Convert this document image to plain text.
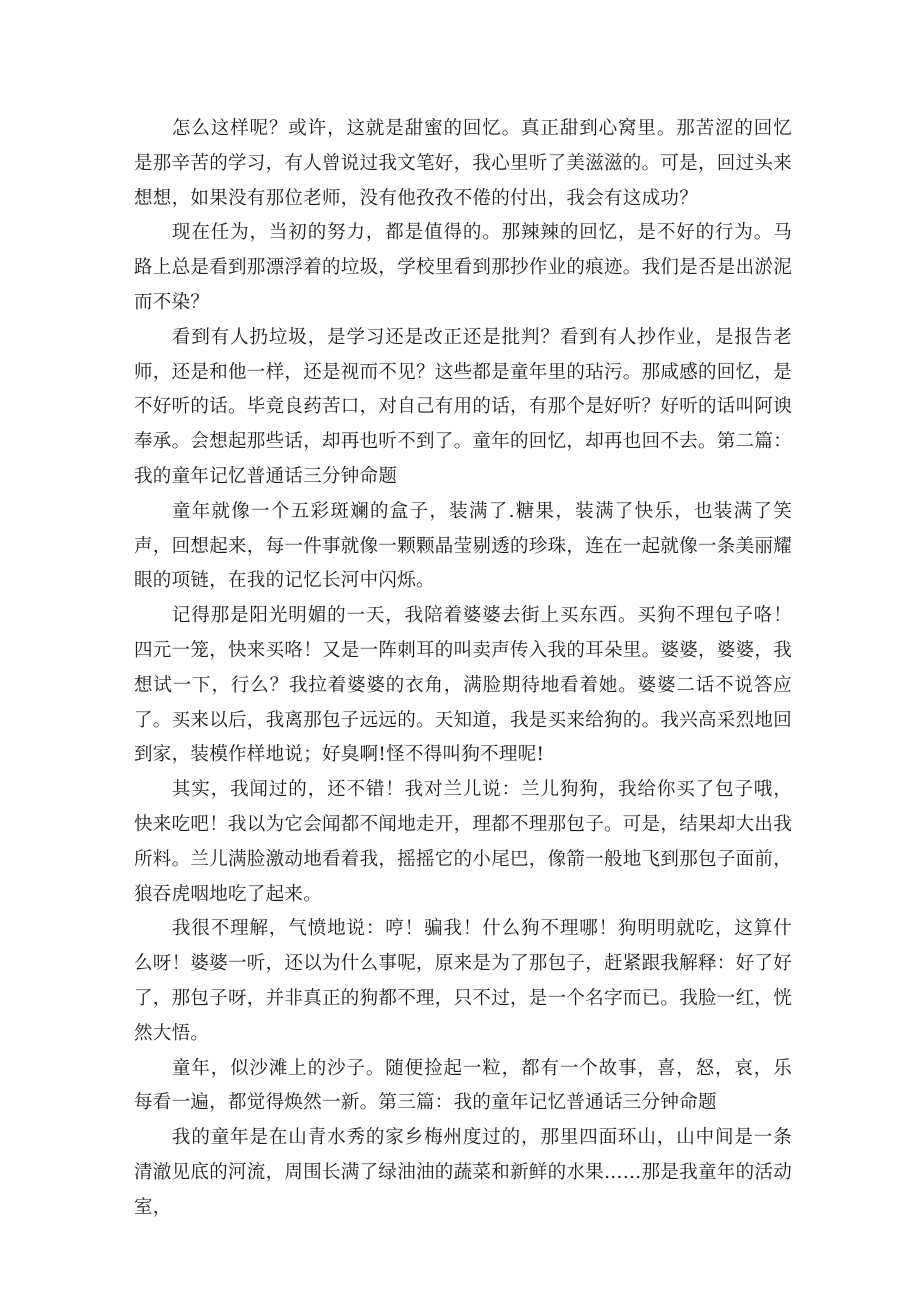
怎么这样呢？或许，这就是甜蜜的回忆。真正甜到心窝里。那苦涩的回忆是那辛苦的学习，有人曾说过我文笔好，我心里听了美滋滋的。可是，回过头来想想，如果没有那位老师，没有他孜孜不倦的付出，我会有这成功？

现在任为，当初的努力，都是值得的。那辣辣的回忆，是不好的行为。马路上总是看到那漂浮着的垃圾，学校里看到那抄作业的痕迹。我们是否是出淤泥而不染？

看到有人扔垃圾，是学习还是改正还是批判？看到有人抄作业，是报告老师，还是和他一样，还是视而不见？这些都是童年里的玷污。那咸感的回忆，是不好听的话。毕竟良药苦口，对自己有用的话，有那个是好听？好听的话叫阿谀奉承。会想起那些话，却再也听不到了。童年的回忆，却再也回不去。第二篇：我的童年记忆普通话三分钟命题

童年就像一个五彩斑斓的盒子，装满了.糖果，装满了快乐，也装满了笑声，回想起来，每一件事就像一颗颗晶莹剔透的珍珠，连在一起就像一条美丽耀眼的项链，在我的记忆长河中闪烁。

记得那是阳光明媚的一天，我陪着婆婆去街上买东西。买狗不理包子咯！四元一笼，快来买咯！又是一阵刺耳的叫卖声传入我的耳朵里。婆婆，婆婆，我想试一下，行么？我拉着婆婆的衣角，满脸期待地看着她。婆婆二话不说答应了。买来以后，我离那包子远远的。天知道，我是买来给狗的。我兴高采烈地回到家，装模作样地说；好臭啊!怪不得叫狗不理呢!

其实，我闻过的，还不错！我对兰儿说：兰儿狗狗，我给你买了包子哦，快来吃吧！我以为它会闻都不闻地走开，理都不理那包子。可是，结果却大出我所料。兰儿满脸激动地看着我，摇摇它的小尾巴，像箭一般地飞到那包子面前，狼吞虎咽地吃了起来。

我很不理解，气愤地说：哼！骗我！什么狗不理哪！狗明明就吃，这算什么呀！婆婆一听，还以为什么事呢，原来是为了那包子，赶紧跟我解释：好了好了，那包子呀，并非真正的狗都不理，只不过，是一个名字而已。我脸一红，恍然大悟。

童年，似沙滩上的沙子。随便捡起一粒，都有一个故事，喜，怒，哀，乐每看一遍，都觉得焕然一新。第三篇：我的童年记忆普通话三分钟命题

我的童年是在山青水秀的家乡梅州度过的，那里四面环山，山中间是一条清澈见底的河流，周围长满了绿油油的蔬菜和新鲜的水果……那是我童年的活动室，
